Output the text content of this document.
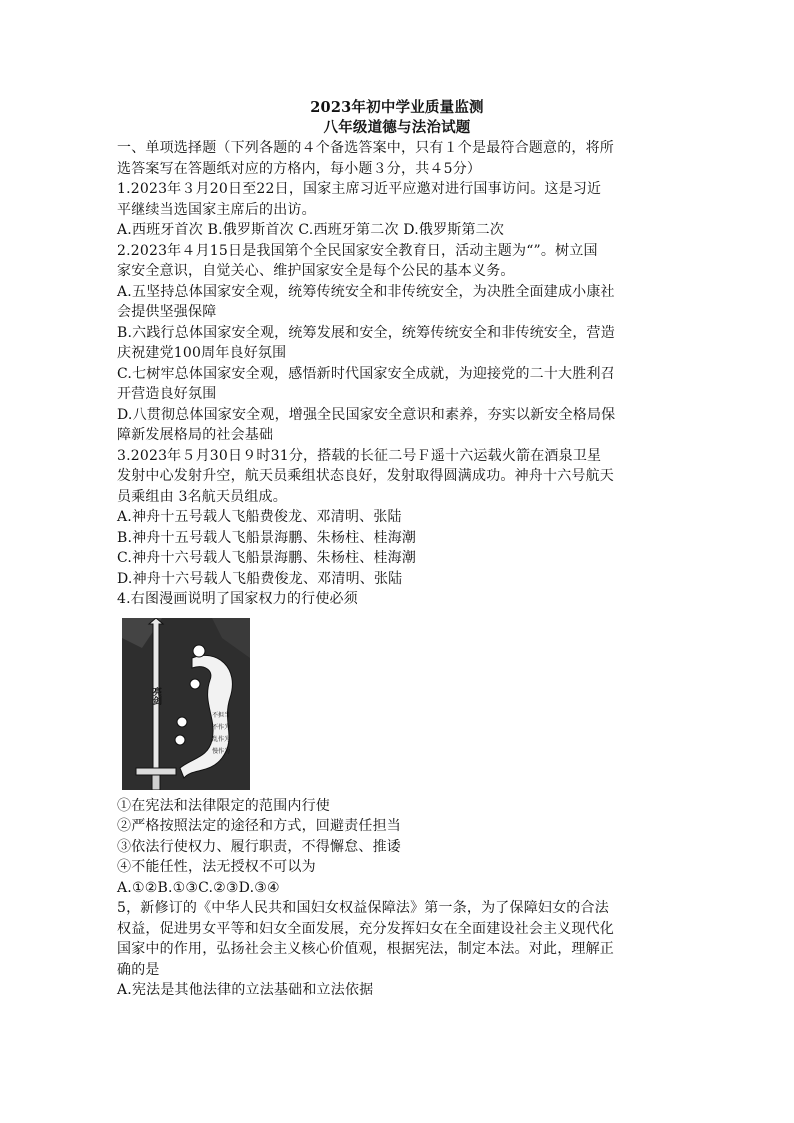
2023年初中学业质量监测

八年级道德与法治试题

一、单项选择题（下列各题的４个备选答案中，只有１个是最符合题意的，将所

选答案写在答题纸对应的方格内，每小题３分，共４5分）

1.2023年３月20日至22日，国家主席习近平应邀对进行国事访问。这是习近

平继续当选国家主席后的出访。

A.西班牙首次 B.俄罗斯首次 C.西班牙第二次 D.俄罗斯第二次

2.2023年４月15日是我国第个全民国家安全教育日，活动主题为“”。树立国

家安全意识，自觉关心、维护国家安全是每个公民的基本义务。

A.五坚持总体国家安全观，统筹传统安全和非传统安全，为决胜全面建成小康社

会提供坚强保障

B.六践行总体国家安全观，统筹发展和安全，统筹传统安全和非传统安全，营造

庆祝建党100周年良好氛围

C.七树牢总体国家安全观，感悟新时代国家安全成就，为迎接党的二十大胜利召

开营造良好氛围

D.八贯彻总体国家安全观，增强全民国家安全意识和素养，夯实以新安全格局保

障新发展格局的社会基础

3.2023年５月30日９时31分，搭载的长征二号Ｆ遥十六运载火箭在酒泉卫星

发射中心发射升空，航天员乘组状态良好，发射取得圆满成功。神舟十六号航天

员乘组由 3名航天员组成。

A.神舟十五号载人飞船费俊龙、邓清明、张陆

B.神舟十五号载人飞船景海鹏、朱杨柱、桂海潮

C.神舟十六号载人飞船景海鹏、朱杨柱、桂海潮

D.神舟十六号载人飞船费俊龙、邓清明、张陆

4.右图漫画说明了国家权力的行使必须

亮剑
不担当
不作为
乱作为
慢作为

①在宪法和法律限定的范围内行使

②严格按照法定的途径和方式，回避责任担当

③依法行使权力、履行职责，不得懈怠、推诿

④不能任性，法无授权不可以为

A.①②B.①③C.②③D.③④

5，新修订的《中华人民共和国妇女权益保障法》第一条，为了保障妇女的合法

权益，促进男女平等和妇女全面发展，充分发挥妇女在全面建设社会主义现代化

国家中的作用，弘扬社会主义核心价值观，根据宪法，制定本法。对此，理解正

确的是

A.宪法是其他法律的立法基础和立法依据
